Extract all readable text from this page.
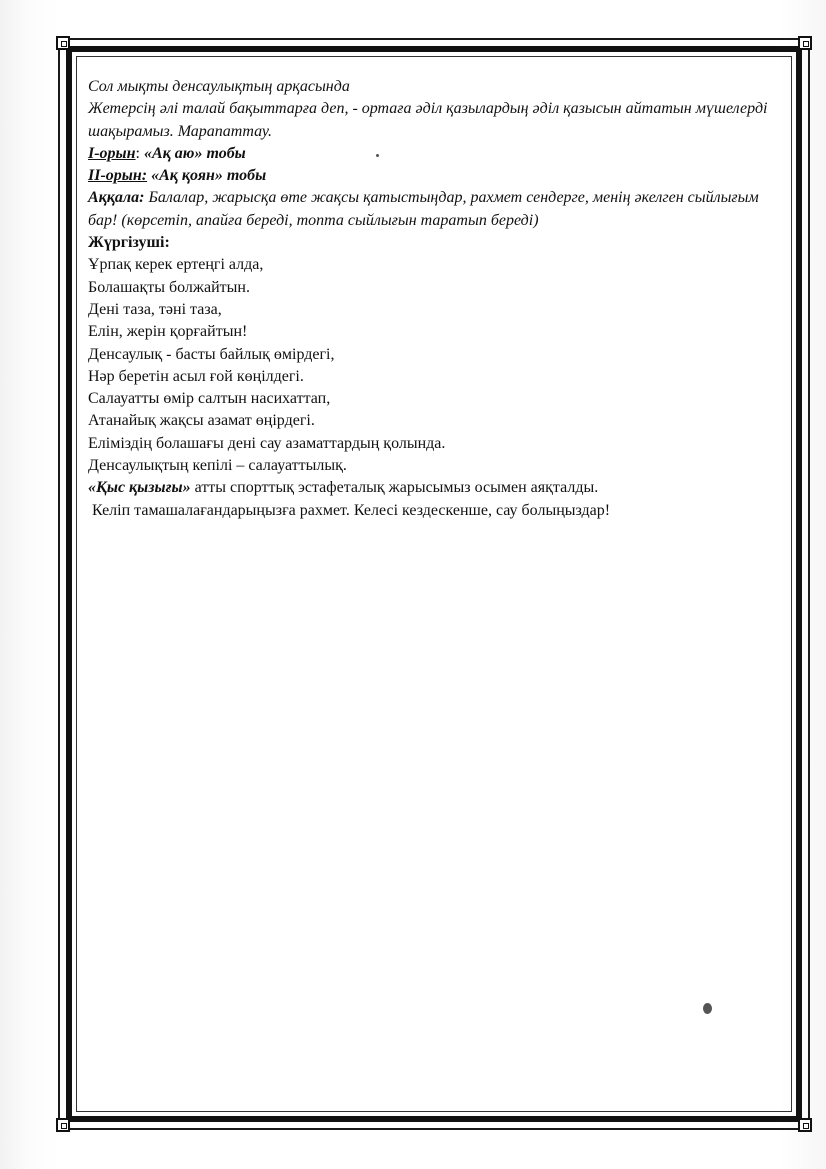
Сол мықты денсаулықтың арқасында
Жетерсің әлі талай бақыттарға деп, - ортаға әділ қазылардың әділ қазысын айтатын мүшелерді шақырамыз. Марапаттау.
І-орын: «Ақ аю» тобы
ІІ-орын: «Ақ қоян» тобы
Аққала: Балалар, жарысқа өте жақсы қатыстыңдар, рахмет сендерге, менің әкелген сыйлығым бар! (көрсетіп, апайға береді, топта сыйлығын таратып береді)
Жүргізуші:
Ұрпақ керек ертеңгі алда,
Болашақты болжайтын.
Дені таза, тәні таза,
Елін, жерін қорғайтын!
Денсаулық - басты байлық өмірдегі,
Нәр беретін асыл ғой көңілдегі.
Салауатты өмір салтын насихаттап,
Атанайық жақсы азамат өңірдегі.
Еліміздің болашағы дені сау азаматтардың қолында.
Денсаулықтың кепілі – салауаттылық.
«Қыс қызығы» атты спорттық эстафеталық жарысымыз осымен аяқталды.
Келіп тамашалағандарыңызға рахмет. Келесі кездескенше, сау болыңыздар!
